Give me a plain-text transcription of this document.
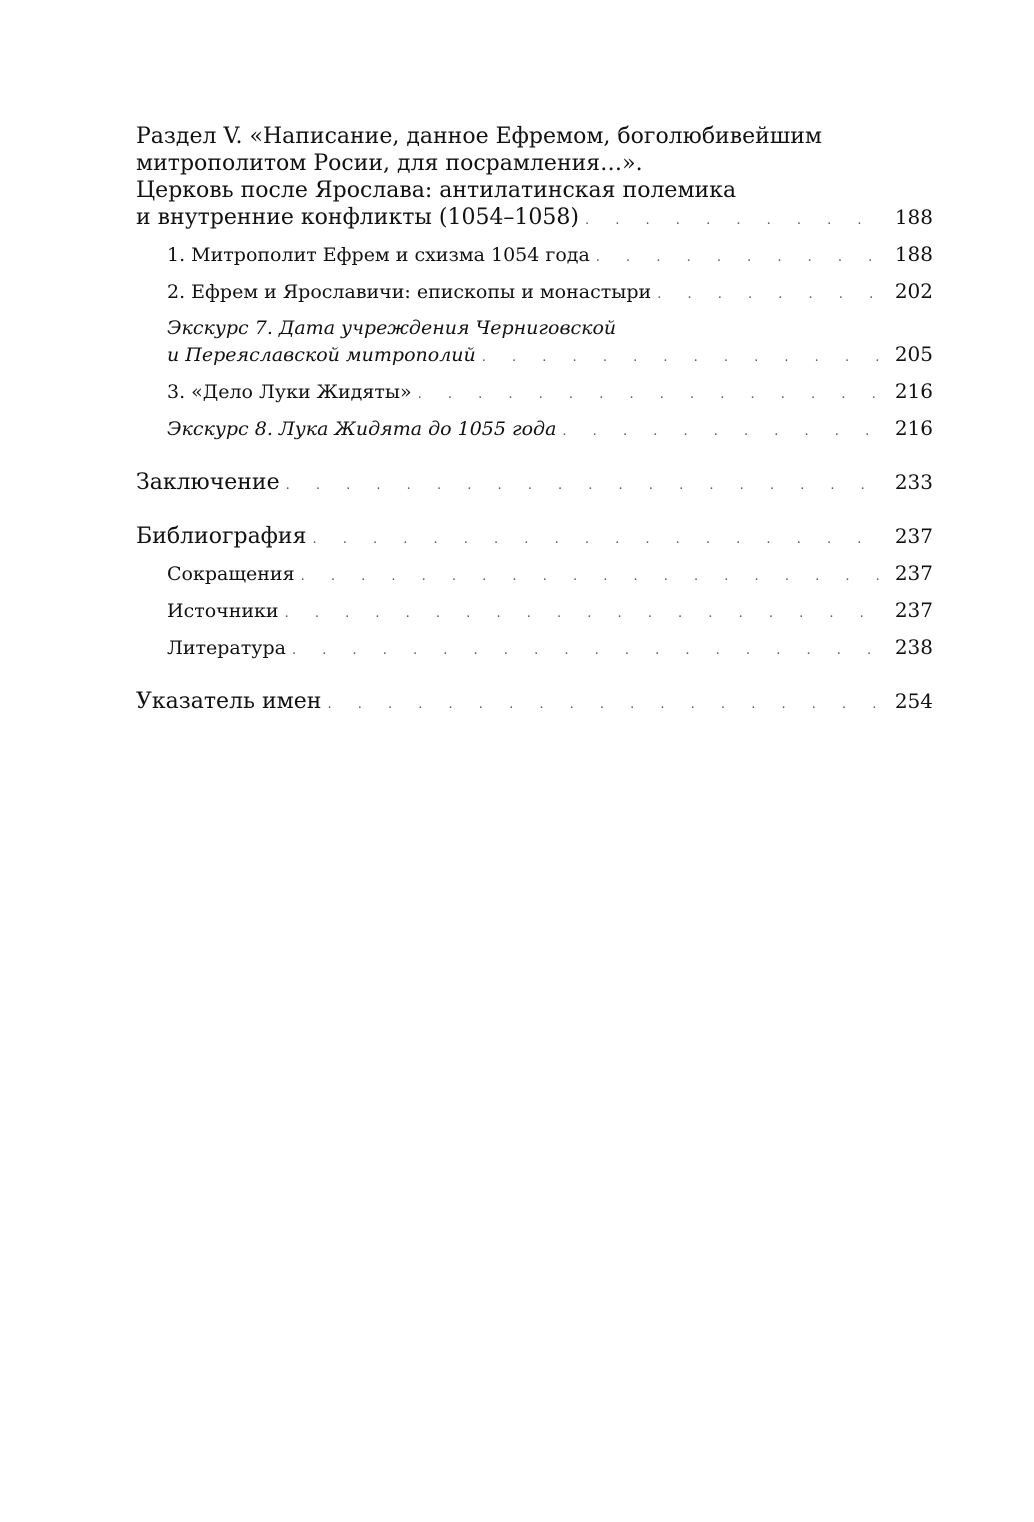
Раздел V. «Написание, данное Ефремом, боголюбивейшим
митрополитом Росии, для посрамления…».
Церковь после Ярослава: антилатинская полемика
и внутренние конфликты (1054–1058) . . .	188
1. Митрополит Ефрем и схизма 1054 года . . .	188
2. Ефрем и Ярославичи: епископы и монастыри . . .	202
Экскурс 7. Дата учреждения Черниговской
и Переяславской митрополий . . .	205
3. «Дело Луки Жидяты» . . .	216
Экскурс 8. Лука Жидята до 1055 года . . .	216
Заключение . . .	233
Библиография . . .	237
Сокращения . . .	237
Источники . . .	237
Литература . . .	238
Указатель имен . . .	254
